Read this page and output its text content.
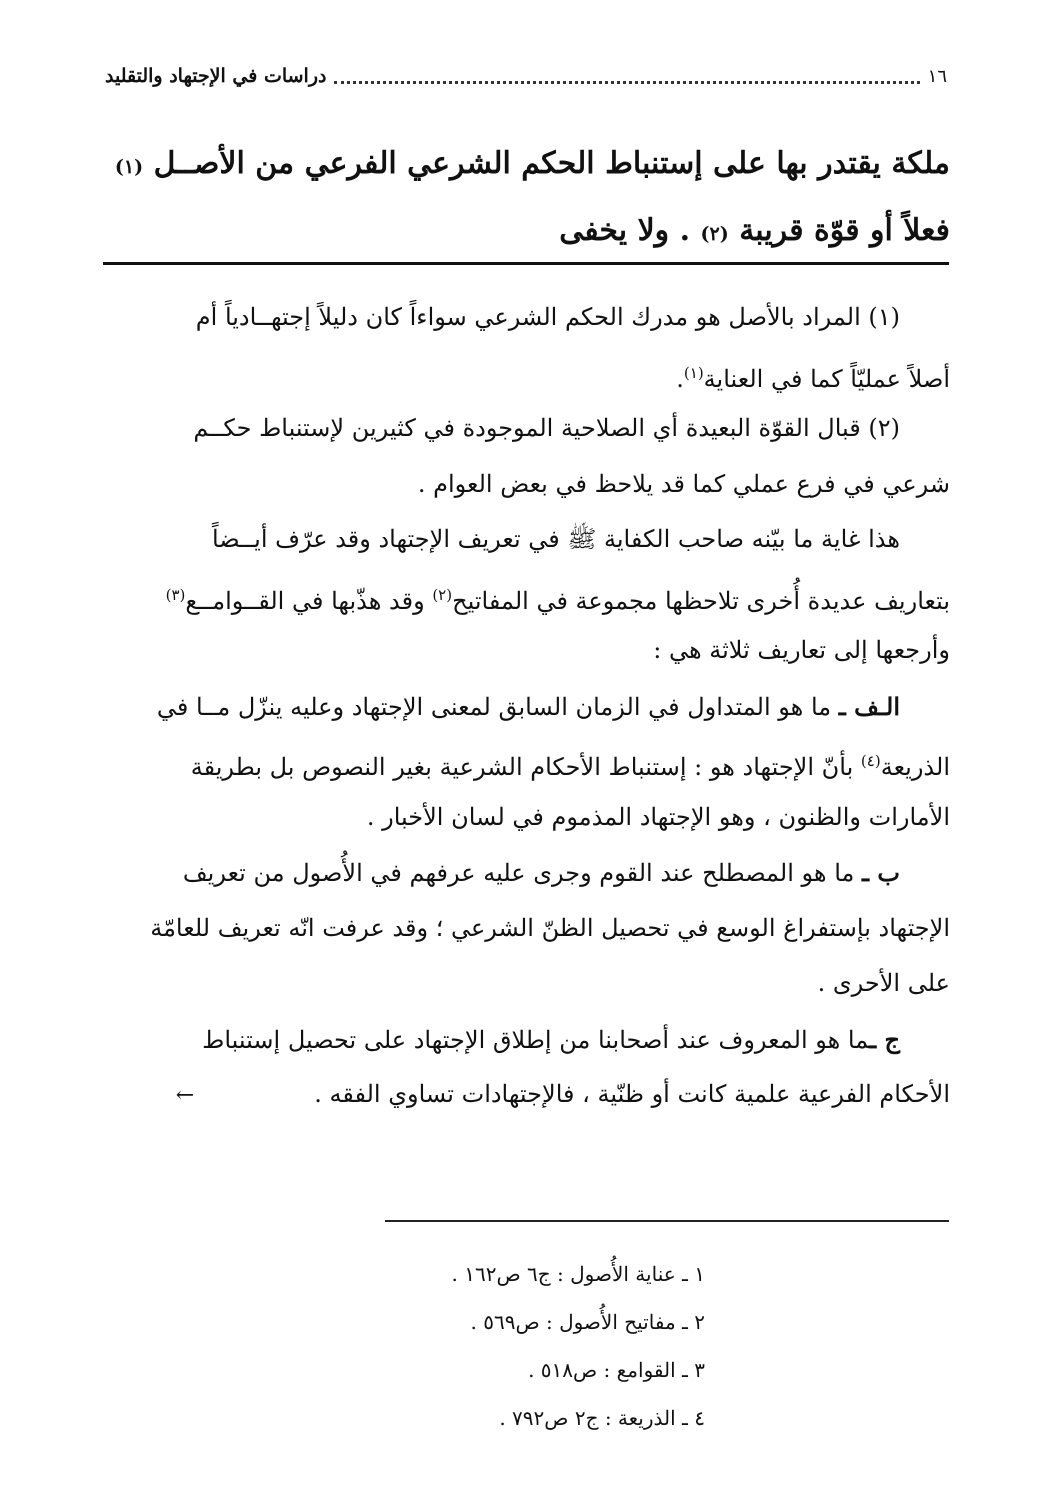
١٦
دراسات في الإجتهاد والتقليد
ملكة يقتدر بها على إستنباط الحكم الشرعي الفرعي من الأصــل (١)
فعلاً أو قوّة قريبة (٢) . ولا يخفى
(١) المراد بالأصل هو مدرك الحكم الشرعي سواءاً كان دليلاً إجتهــادياً أم
أصلاً عمليّاً كما في العناية$^{(١)}$.
(٢) قبال القوّة البعيدة أي الصلاحية الموجودة في كثيرين لإستنباط حكــم
شرعي في فرع عملي كما قد يلاحظ في بعض العوام .
هذا غاية ما بيّنه صاحب الكفاية ﷺ في تعريف الإجتهاد وقد عرّف أيــضاً
بتعاريف عديدة أُخرى تلاحظها مجموعة في المفاتيح$^{(٢)}$ وقد هذّبها في القــوامــع$^{(٣)}$
وأرجعها إلى تعاريف ثلاثة هي :
الـف ـ ما هو المتداول في الزمان السابق لمعنى الإجتهاد وعليه ينزّل مــا في
الذريعة$^{(٤)}$ بأنّ الإجتهاد هو : إستنباط الأحكام الشرعية بغير النصوص بل بطريقة
الأمارات والظنون ، وهو الإجتهاد المذموم في لسان الأخبار .
ب ـ ما هو المصطلح عند القوم وجرى عليه عرفهم في الأُصول من تعريف
الإجتهاد بإستفراغ الوسع في تحصيل الظنّ الشرعي ؛ وقد عرفت انّه تعريف للعامّة
على الأحرى .
ج ـما هو المعروف عند أصحابنا من إطلاق الإجتهاد على تحصيل إستنباط
الأحكام الفرعية علمية كانت أو ظنّية ، فالإجتهادات تساوي الفقه .←
١ ـ عناية الأُصول : ج٦ ص١٦٢ .
٢ ـ مفاتيح الأُصول : ص٥٦٩ .
٣ ـ القوامع : ص٥١٨ .
٤ ـ الذريعة : ج٢ ص٧٩٢ .
